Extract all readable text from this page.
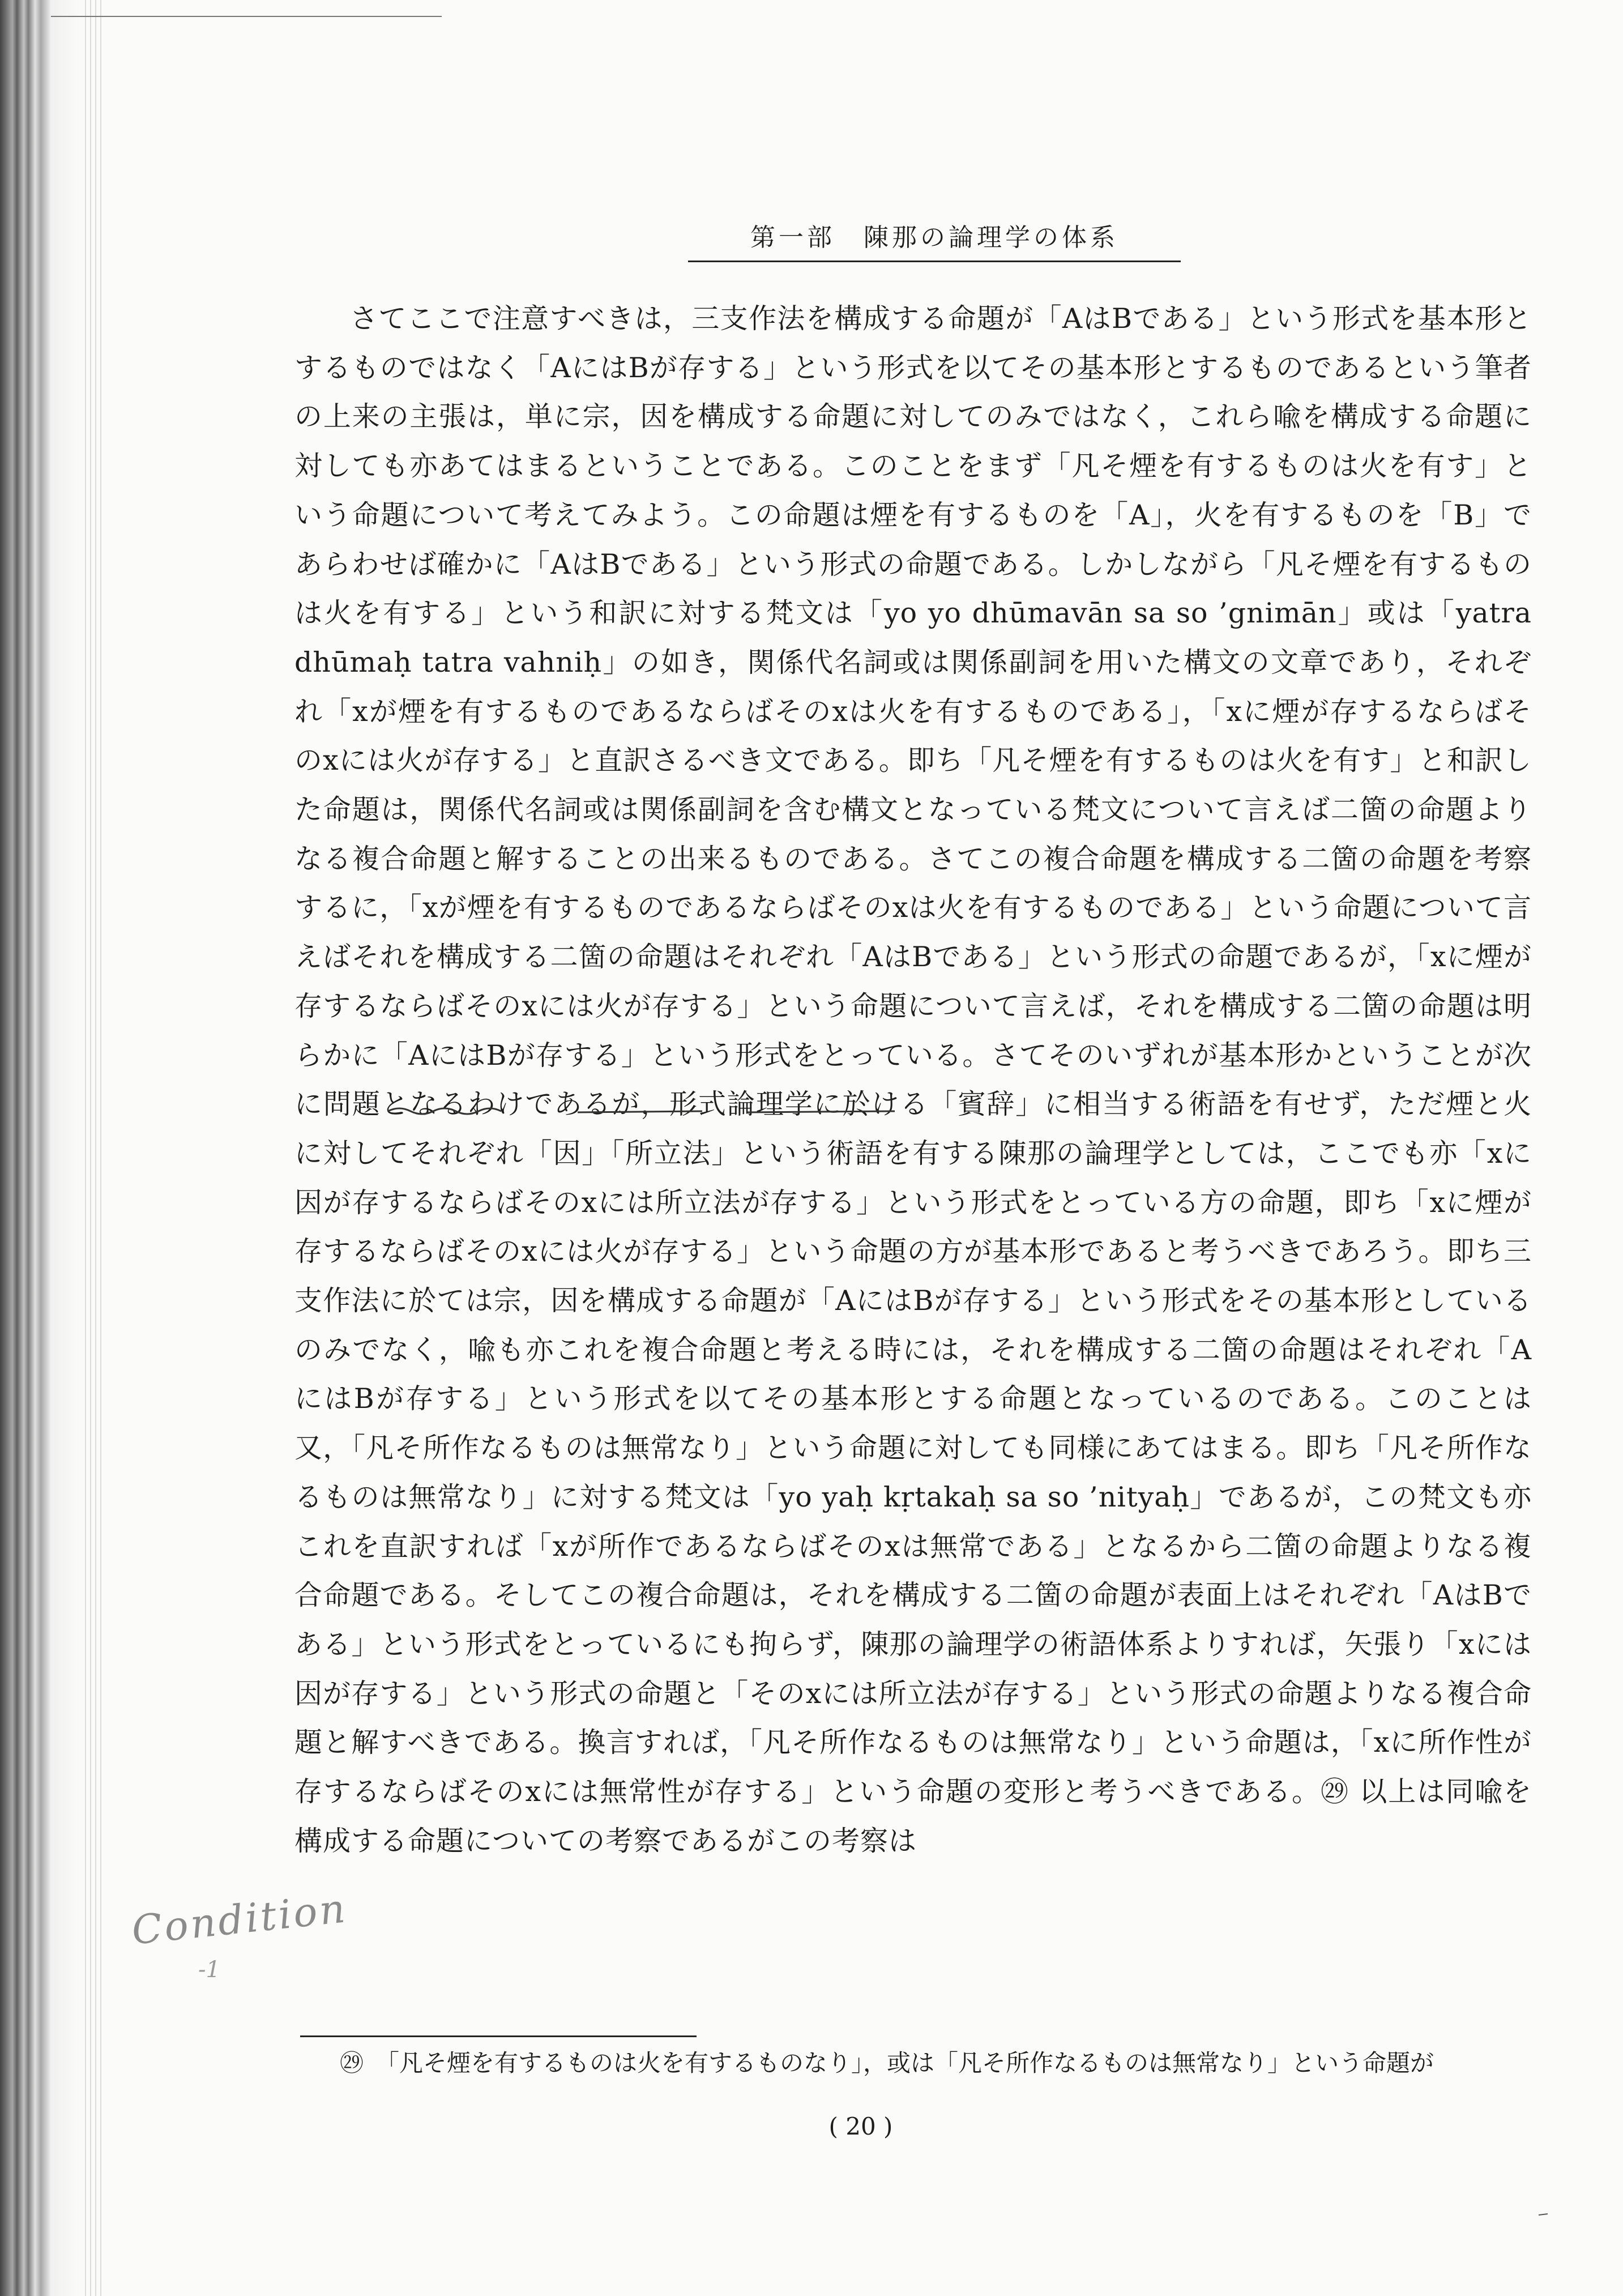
第一部　陳那の論理学の体系

さてここで注意すべきは，三支作法を構成する命題が「AはBである」という形式を基本形とするものではなく「AにはBが存する」という形式を以てその基本形とするものであるという筆者の上来の主張は，単に宗，因を構成する命題に対してのみではなく，これら喩を構成する命題に対しても亦あてはまるということである。このことをまず「凡そ煙を有するものは火を有す」という命題について考えてみよう。この命題は煙を有するものを「A」，火を有するものを「B」であらわせば確かに「AはBである」という形式の命題である。しかしながら「凡そ煙を有するものは火を有する」という和訳に対する梵文は「yo yo dhūmavān sa so ’gnimān」或は「yatra dhūmaḥ tatra vahniḥ」の如き，関係代名詞或は関係副詞を用いた構文の文章であり，それぞれ「xが煙を有するものであるならばそのxは火を有するものである」，「xに煙が存するならばそのxには火が存する」と直訳さるべき文である。即ち「凡そ煙を有するものは火を有す」と和訳した命題は，関係代名詞或は関係副詞を含む構文となっている梵文について言えば二箇の命題よりなる複合命題と解することの出来るものである。さてこの複合命題を構成する二箇の命題を考察するに，「xが煙を有するものであるならばそのxは火を有するものである」という命題について言えばそれを構成する二箇の命題はそれぞれ「AはBである」という形式の命題であるが，「xに煙が存するならばそのxには火が存する」という命題について言えば，それを構成する二箇の命題は明らかに「AにはBが存する」という形式をとっている。さてそのいずれが基本形かということが次に問題となるわけであるが，形式論理学に於ける「賓辞」に相当する術語を有せず，ただ煙と火に対してそれぞれ「因」「所立法」という術語を有する陳那の論理学としては，ここでも亦「xに因が存するならばそのxには所立法が存する」という形式をとっている方の命題，即ち「xに煙が存するならばそのxには火が存する」という命題の方が基本形であると考うべきであろう。即ち三支作法に於ては宗，因を構成する命題が「AにはBが存する」という形式をその基本形としているのみでなく，喩も亦これを複合命題と考える時には，それを構成する二箇の命題はそれぞれ「AにはBが存する」という形式を以てその基本形とする命題となっているのである。このことは又，「凡そ所作なるものは無常なり」という命題に対しても同様にあてはまる。即ち「凡そ所作なるものは無常なり」に対する梵文は「yo yaḥ kṛtakaḥ sa so ’nityaḥ」であるが，この梵文も亦これを直訳すれば「xが所作であるならばそのxは無常である」となるから二箇の命題よりなる複合命題である。そしてこの複合命題は，それを構成する二箇の命題が表面上はそれぞれ「AはBである」という形式をとっているにも拘らず，陳那の論理学の術語体系よりすれば，矢張り「xには因が存する」という形式の命題と「そのxには所立法が存する」という形式の命題よりなる複合命題と解すべきである。換言すれば，「凡そ所作なるものは無常なり」という命題は，「xに所作性が存するならばそのxには無常性が存する」という命題の変形と考うべきである。㉙ 以上は同喩を構成する命題についての考察であるがこの考察は

㉙　「凡そ煙を有するものは火を有するものなり」，或は「凡そ所作なるものは無常なり」という命題が
( 20 )
Condition
-1
